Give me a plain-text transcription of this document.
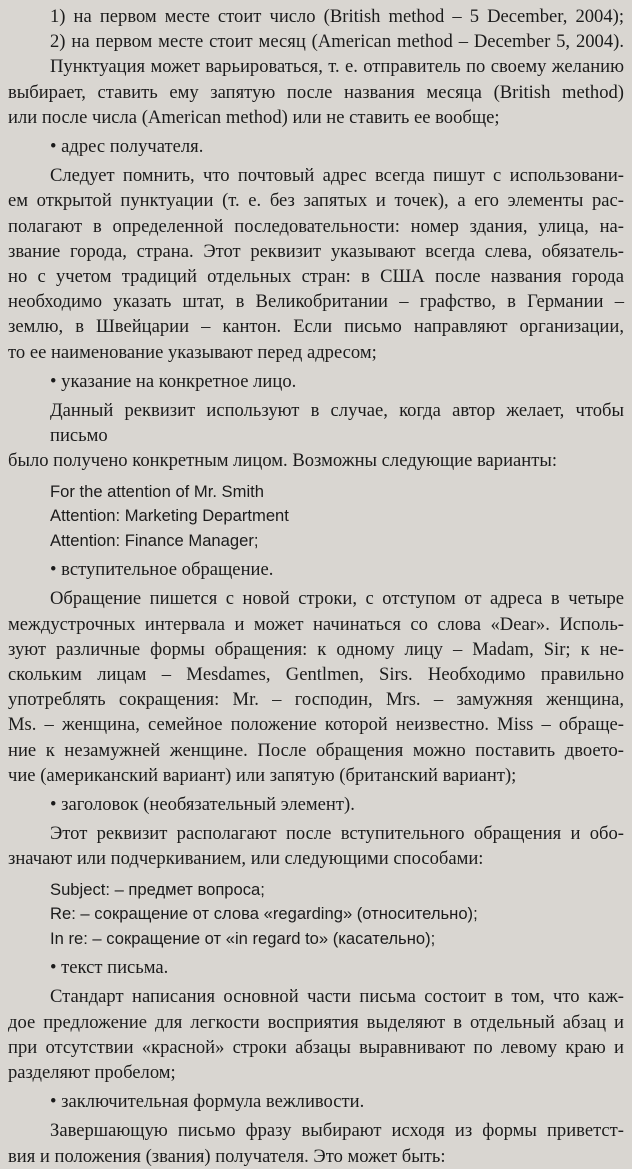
1) на первом месте стоит число (British method – 5 December, 2004);

2) на первом месте стоит месяц (American method – December 5, 2004).

Пунктуация может варьироваться, т. е. отправитель по своему желанию

выбирает, ставить ему запятую после названия месяца (British method)

или после числа (American method) или не ставить ее вообще;

• адрес получателя.

Следует помнить, что почтовый адрес всегда пишут с использовани-

ем открытой пунктуации (т. е. без запятых и точек), а его элементы рас-

полагают в определенной последовательности: номер здания, улица, на-

звание города, страна. Этот реквизит указывают всегда слева, обязатель-

но с учетом традиций отдельных стран: в США после названия города

необходимо указать штат, в Великобритании – графство, в Германии –

землю, в Швейцарии – кантон. Если письмо направляют организации,

то ее наименование указывают перед адресом;

• указание на конкретное лицо.

Данный реквизит используют в случае, когда автор желает, чтобы письмо

было получено конкретным лицом. Возможны следующие варианты:

For the attention of Mr. Smith

Attention: Marketing Department

Attention: Finance Manager;

• вступительное обращение.

Обращение пишется с новой строки, с отступом от адреса в четыре

междустрочных интервала и может начинаться со слова «Dear». Исполь-

зуют различные формы обращения: к одному лицу – Madam, Sir; к не-

скольким лицам – Mesdames, Gentlmen, Sirs. Необходимо правильно

употреблять сокращения: Mr. – господин, Mrs. – замужняя женщина,

Ms. – женщина, семейное положение которой неизвестно. Miss – обраще-

ние к незамужней женщине. После обращения можно поставить двоето-

чие (американский вариант) или запятую (британский вариант);

• заголовок (необязательный элемент).

Этот реквизит располагают после вступительного обращения и обо-

значают или подчеркиванием, или следующими способами:

Subject: – предмет вопроса;

Re: – сокращение от слова «regarding» (относительно);

In re: – сокращение от «in regard to» (касательно);

• текст письма.

Стандарт написания основной части письма состоит в том, что каж-

дое предложение для легкости восприятия выделяют в отдельный абзац и

при отсутствии «красной» строки абзацы выравнивают по левому краю и

разделяют пробелом;

• заключительная формула вежливости.

Завершающую письмо фразу выбирают исходя из формы приветст-

вия и положения (звания) получателя. Это может быть:
